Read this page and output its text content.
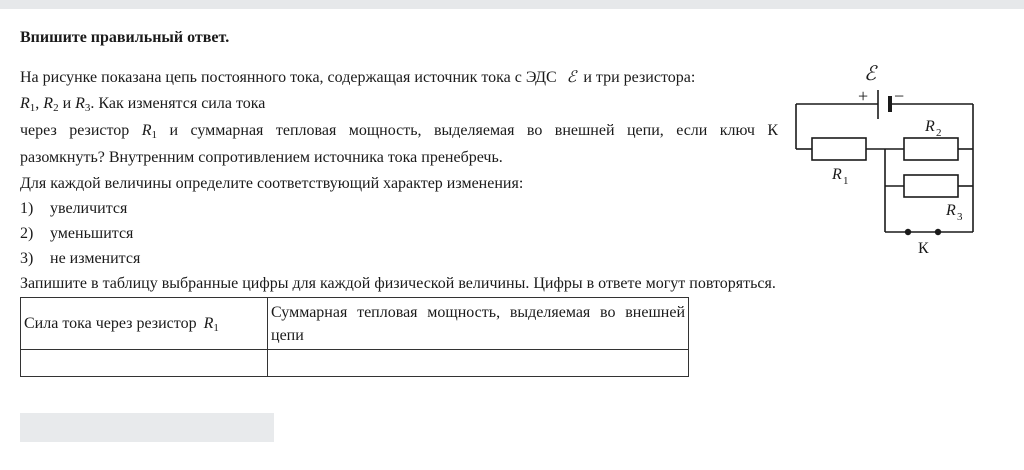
Впишите правильный ответ.
На рисунке показана цепь постоянного тока, содержащая источник тока с ЭДС ℰ и три резистора:
$R_1$, $R_2$ и $R_3$. Как изменятся сила тока
через резистор $R_1$ и суммарная тепловая мощность, выделяемая во внешней цепи, если ключ К
разомкнуть? Внутренним сопротивлением источника тока пренебречь.
Для каждой величины определите соответствующий характер изменения:
1) увеличится
2) уменьшится
3) не изменится
Запишите в таблицу выбранные цифры для каждой физической величины. Цифры в ответе могут повторяться.
Сила тока через резистор $R_1$	Суммарная тепловая мощность, выделяемая во внешней цепи

ℰ
+ −
R 1
R 2
R 3
К
